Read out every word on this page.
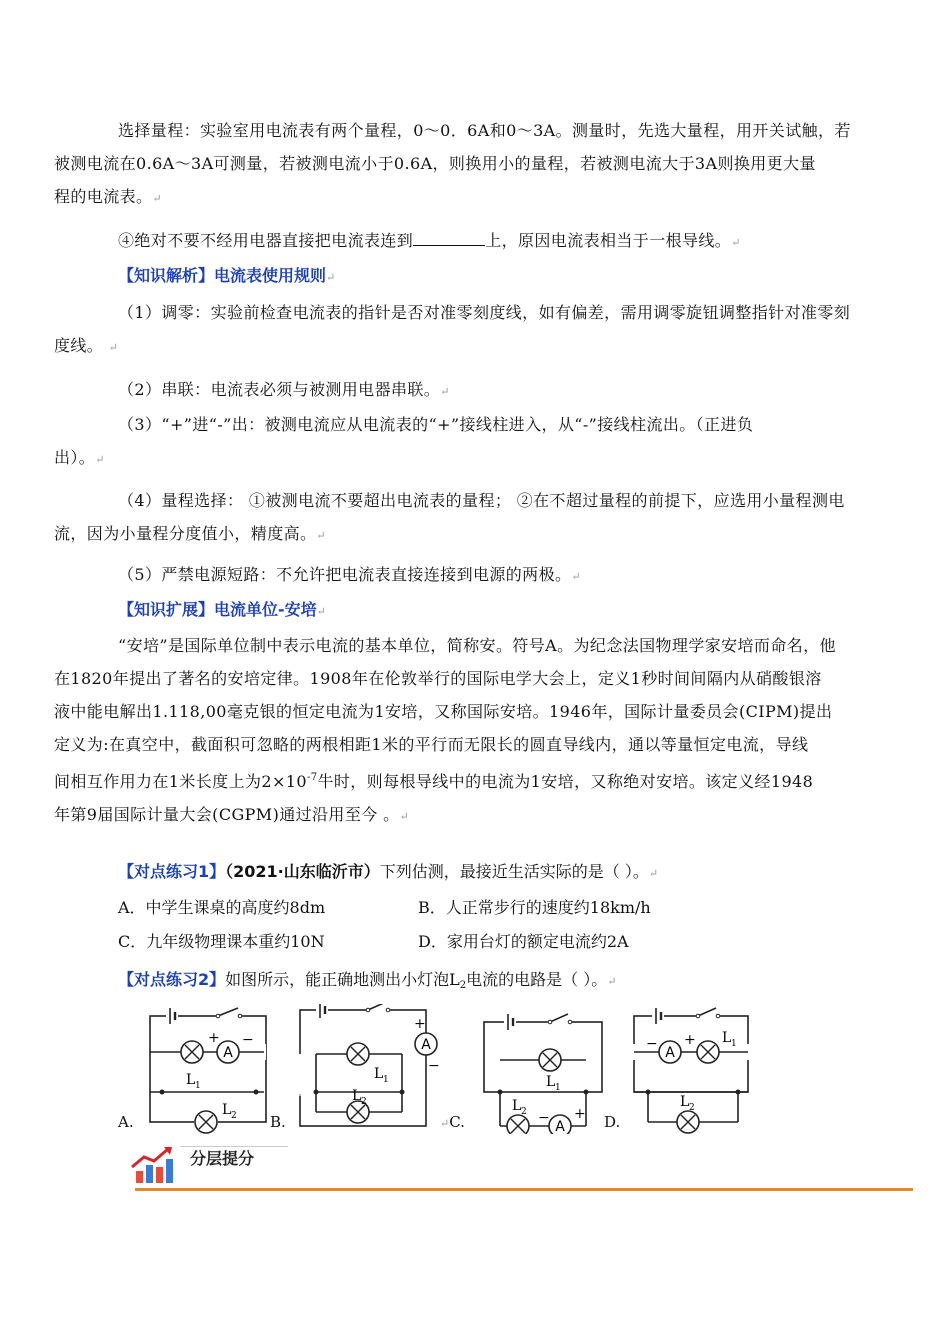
选择量程：实验室用电流表有两个量程，0～0．6A和0～3A。测量时，先选大量程，用开关试触，若
被测电流在0.6A～3A可测量，若被测电流小于0.6A，则换用小的量程，若被测电流大于3A则换用更大量
程的电流表。↵

④绝对不要不经用电器直接把电流表连到	上，原因电流表相当于一根导线。↵

【知识解析】电流表使用规则↵

（1）调零：实验前检查电流表的指针是否对准零刻度线，如有偏差，需用调零旋钮调整指针对准零刻
度线。 ↵

（2）串联：电流表必须与被测用电器串联。↵

（3）“+”进“-”出：被测电流应从电流表的“+”接线柱进入，从“-”接线柱流出。（正进负
出）。↵

（4）量程选择： ①被测电流不要超出电流表的量程； ②在不超过量程的前提下，应选用小量程测电
流，因为小量程分度值小，精度高。↵

（5）严禁电源短路：不允许把电流表直接连接到电源的两极。↵

【知识扩展】电流单位-安培↵

“安培”是国际单位制中表示电流的基本单位，简称安。符号A。为纪念法国物理学家安培而命名，他
在1820年提出了著名的安培定律。1908年在伦敦举行的国际电学大会上，定义1秒时间间隔内从硝酸银溶
液中能电解出1.118,00毫克银的恒定电流为1安培，又称国际安培。1946年，国际计量委员会(CIPM)提出
定义为:在真空中，截面积可忽略的两根相距1米的平行而无限长的圆直导线内，通以等量恒定电流，导线
间相互作用力在1米长度上为$2\times 10^{-7}$牛时，则每根导线中的电流为1安培，又称绝对安培。该定义经1948
年第9届国际计量大会(CGPM)通过沿用至今 。↵

【对点练习1】（2021·山东临沂市）下列估测，最接近生活实际的是（ ）。↵

A．中学生课桌的高度约8dm	B．人正常步行的速度约18km/h
C．九年级物理课本重约10N	D．家用台灯的额定电流约2A

【对点练习2】如图所示，能正确地测出小灯泡$L_2$电流的电路是（ ）。↵

A
+ −
L 1
L 2
A.
L 1
L 2
A
+
−
B.
L 1
L 2
A
− +
↵C.
A
− + L 1
L 2
D.
分层提分
